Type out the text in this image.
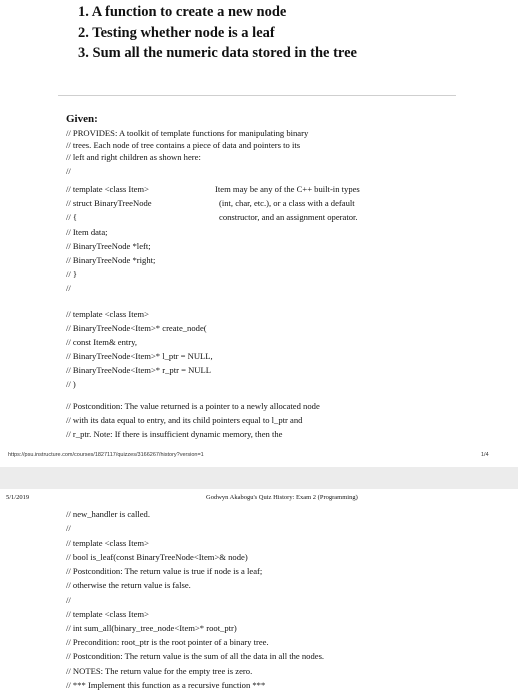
1. A function to create a new node
2. Testing whether node is a leaf
3. Sum all the numeric data stored in the tree
Given:
// PROVIDES: A toolkit of template functions for manipulating binary
// trees. Each node of tree contains a piece of data and pointers to its
// left and right children as shown here:
//
// template <class Item>
// struct BinaryTreeNode
// {
// Item data;
// BinaryTreeNode *left;
// BinaryTreeNode *right;
// }
//
Item may be any of the C++ built-in types
(int, char, etc.), or a class with a default
constructor, and an assignment operator.
// template <class Item>
// BinaryTreeNode<Item>* create_node(
// const Item& entry,
// BinaryTreeNode<Item>* l_ptr = NULL,
// BinaryTreeNode<Item>* r_ptr = NULL
// )
// Postcondition: The value returned is a pointer to a newly allocated node
// with its data equal to entry, and its child pointers equal to l_ptr and
// r_ptr. Note: If there is insufficient dynamic memory, then the
https://psu.instructure.com/courses/1827117/quizzes/3166267/history?version=1	1/4
5/1/2019	Godwyn Akabogu's Quiz History: Exam 2 (Programming)
// new_handler is called.
//
// template <class Item>
// bool is_leaf(const BinaryTreeNode<Item>& node)
// Postcondition: The return value is true if node is a leaf;
// otherwise the return value is false.
//
// template <class Item>
// int sum_all(binary_tree_node<Item>* root_ptr)
// Precondition: root_ptr is the root pointer of a binary tree.
// Postcondition: The return value is the sum of all the data in all the nodes.
// NOTES: The return value for the empty tree is zero.
// *** Implement this function as a recursive function ***
